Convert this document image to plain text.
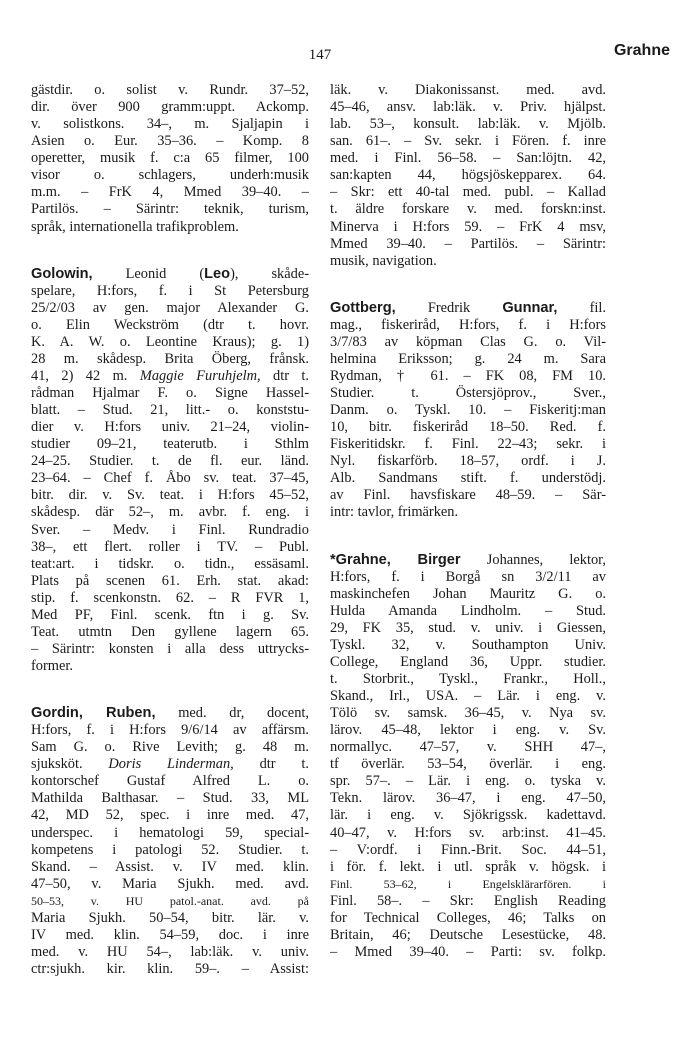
147	Grahne
gästdir. o. solist v. Rundr. 37–52,
dir. över 900 gramm:uppt. Ackomp.
v. solistkons. 34–, m. Sjaljapin i
Asien o. Eur. 35–36. – Komp. 8
operetter, musik f. c:a 65 filmer, 100
visor o. schlagers, underh:musik
m.m. – FrK 4, Mmed 39–40. –
Partilös. – Särintr: teknik, turism,
språk, internationella trafikproblem.
Golowin, Leonid (Leo), skåde-
spelare, H:fors, f. i St Petersburg
25/2/03 av gen. major Alexander G.
o. Elin Weckström (dtr t. hovr.
K. A. W. o. Leontine Kraus); g. 1)
28 m. skådesp. Brita Öberg, frånsk.
41, 2) 42 m. Maggie Furuhjelm, dtr t.
rådman Hjalmar F. o. Signe Hassel-
blatt. – Stud. 21, litt.- o. konststu-
dier v. H:fors univ. 21–24, violin-
studier 09–21, teaterutb. i Sthlm
24–25. Studier. t. de fl. eur. länd.
23–64. – Chef f. Åbo sv. teat. 37–45,
bitr. dir. v. Sv. teat. i H:fors 45–52,
skådesp. där 52–, m. avbr. f. eng. i
Sver. – Medv. i Finl. Rundradio
38–, ett flert. roller i TV. – Publ.
teat:art. i tidskr. o. tidn., essäsaml.
Plats på scenen 61. Erh. stat. akad:
stip. f. scenkonstn. 62. – R FVR 1,
Med PF, Finl. scenk. ftn i g. Sv.
Teat. utmtn Den gyllene lagern 65.
– Särintr: konsten i alla dess uttrycks-
former.
Gordin, Ruben, med. dr, docent,
H:fors, f. i H:fors 9/6/14 av affärsm.
Sam G. o. Rive Levith; g. 48 m.
sjuksköt. Doris Linderman, dtr t.
kontorschef Gustaf Alfred L. o.
Mathilda Balthasar. – Stud. 33, ML
42, MD 52, spec. i inre med. 47,
underspec. i hematologi 59, special-
kompetens i patologi 52. Studier. t.
Skand. – Assist. v. IV med. klin.
47–50, v. Maria Sjukh. med. avd.
50–53, v. HU patol.-anat. avd. på
Maria Sjukh. 50–54, bitr. lär. v.
IV med. klin. 54–59, doc. i inre
med. v. HU 54–, lab:läk. v. univ.
ctr:sjukh. kir. klin. 59–. – Assist:
läk. v. Diakonissanst. med. avd.
45–46, ansv. lab:läk. v. Priv. hjälpst.
lab. 53–, konsult. lab:läk. v. Mjölb.
san. 61–. – Sv. sekr. i Fören. f. inre
med. i Finl. 56–58. – San:löjtn. 42,
san:kapten 44, högsjöskepparex. 64.
– Skr: ett 40-tal med. publ. – Kallad
t. äldre forskare v. med. forskn:inst.
Minerva i H:fors 59. – FrK 4 msv,
Mmed 39–40. – Partilös. – Särintr:
musik, navigation.
Gottberg, Fredrik Gunnar, fil.
mag., fiskeriråd, H:fors, f. i H:fors
3/7/83 av köpman Clas G. o. Vil-
helmina Eriksson; g. 24 m. Sara
Rydman, † 61. – FK 08, FM 10.
Studier. t. Östersjöprov., Sver.,
Danm. o. Tyskl. 10. – Fiskeritj:man
10, bitr. fiskeriråd 18–50. Red. f.
Fiskeritidskr. f. Finl. 22–43; sekr. i
Nyl. fiskarförb. 18–57, ordf. i J.
Alb. Sandmans stift. f. understödj.
av Finl. havsfiskare 48–59. – Sär-
intr: tavlor, frimärken.
*Grahne, Birger Johannes, lektor,
H:fors, f. i Borgå sn 3/2/11 av
maskinchefen Johan Mauritz G. o.
Hulda Amanda Lindholm. – Stud.
29, FK 35, stud. v. univ. i Giessen,
Tyskl. 32, v. Southampton Univ.
College, England 36, Uppr. studier.
t. Storbrit., Tyskl., Frankr., Holl.,
Skand., Irl., USA. – Lär. i eng. v.
Tölö sv. samsk. 36–45, v. Nya sv.
lärov. 45–48, lektor i eng. v. Sv.
normallyc. 47–57, v. SHH 47–,
tf överlär. 53–54, överlär. i eng.
spr. 57–. – Lär. i eng. o. tyska v.
Tekn. lärov. 36–47, i eng. 47–50,
lär. i eng. v. Sjökrigssk. kadettavd.
40–47, v. H:fors sv. arb:inst. 41–45.
– V:ordf. i Finn.-Brit. Soc. 44–51,
i för. f. lekt. i utl. språk v. högsk. i
Finl. 53–62, i Engelsklärarfören. i
Finl. 58–. – Skr: English Reading
for Technical Colleges, 46; Talks on
Britain, 46; Deutsche Lesestücke, 48.
– Mmed 39–40. – Parti: sv. folkp.
